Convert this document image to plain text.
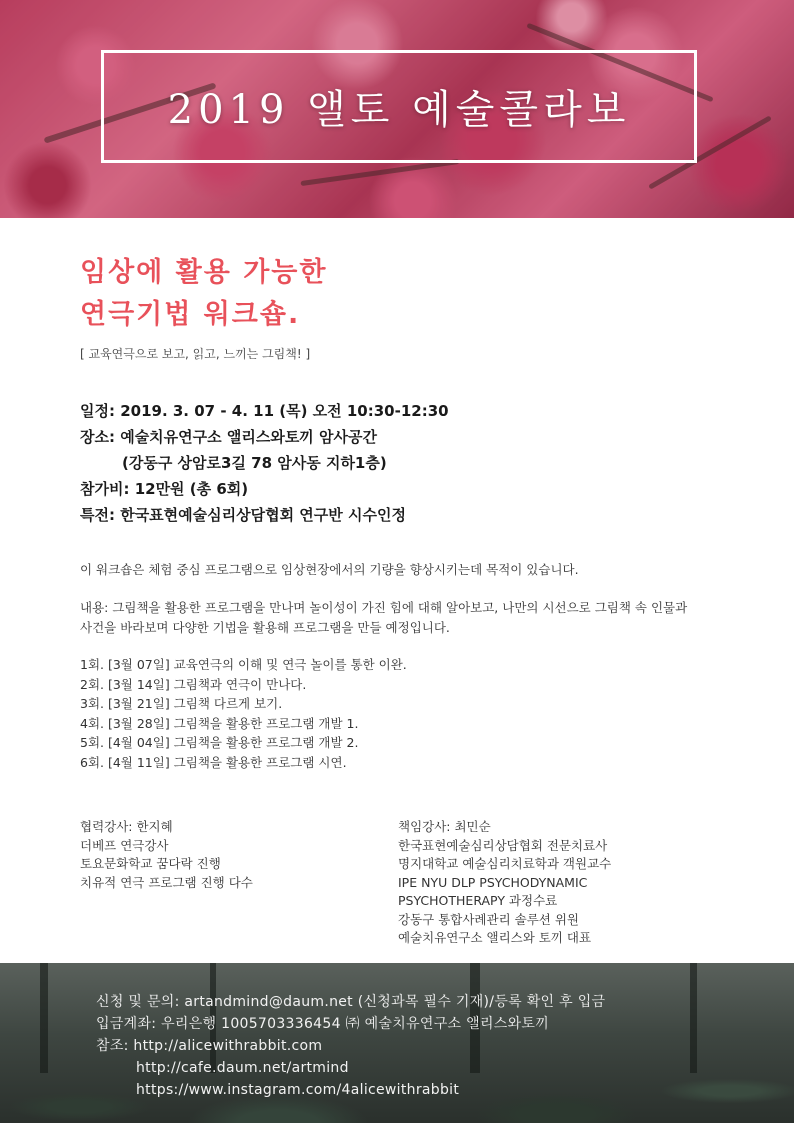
2019 앨토 예술콜라보
임상에 활용 가능한
연극기법 워크숍.
[ 교육연극으로 보고, 읽고, 느끼는 그림책! ]
일정: 2019. 3. 07 - 4. 11 (목) 오전 10:30-12:30
장소: 예술치유연구소 앨리스와토끼 암사공간
(강동구 상암로3길 78 암사동 지하1층)
참가비: 12만원 (총 6회)
특전: 한국표현예술심리상담협회 연구반 시수인정
이 워크숍은 체험 중심 프로그램으로 임상현장에서의 기량을 향상시키는데 목적이 있습니다.
내용: 그림책을 활용한 프로그램을 만나며 놀이성이 가진 힘에 대해 알아보고, 나만의 시선으로 그림책 속 인물과 사건을 바라보며 다양한 기법을 활용해 프로그램을 만들 예정입니다.
1회. [3월 07일] 교육연극의 이해 및 연극 놀이를 통한 이완.
2회. [3월 14일] 그림책과 연극이 만나다.
3회. [3월 21일] 그림책 다르게 보기.
4회. [3월 28일] 그림책을 활용한 프로그램 개발 1.
5회. [4월 04일] 그림책을 활용한 프로그램 개발 2.
6회. [4월 11일] 그림책을 활용한 프로그램 시연.
협력강사: 한지혜
더베프 연극강사
토요문화학교 꿈다락 진행
치유적 연극 프로그램 진행 다수
책임강사: 최민순
한국표현예술심리상담협회 전문치료사
명지대학교 예술심리치료학과 객원교수
IPE NYU DLP PSYCHODYNAMIC
PSYCHOTHERAPY 과정수료
강동구 통합사례관리 솔루션 위원
예술치유연구소 앨리스와 토끼 대표
신청 및 문의: artandmind@daum.net (신청과목 필수 기재)/등록 확인 후 입금
입금계좌: 우리은행 1005703336454 ㈜ 예술치유연구소 앨리스와토끼
참조: http://alicewithrabbit.com
http://cafe.daum.net/artmind
https://www.instagram.com/4alicewithrabbit
